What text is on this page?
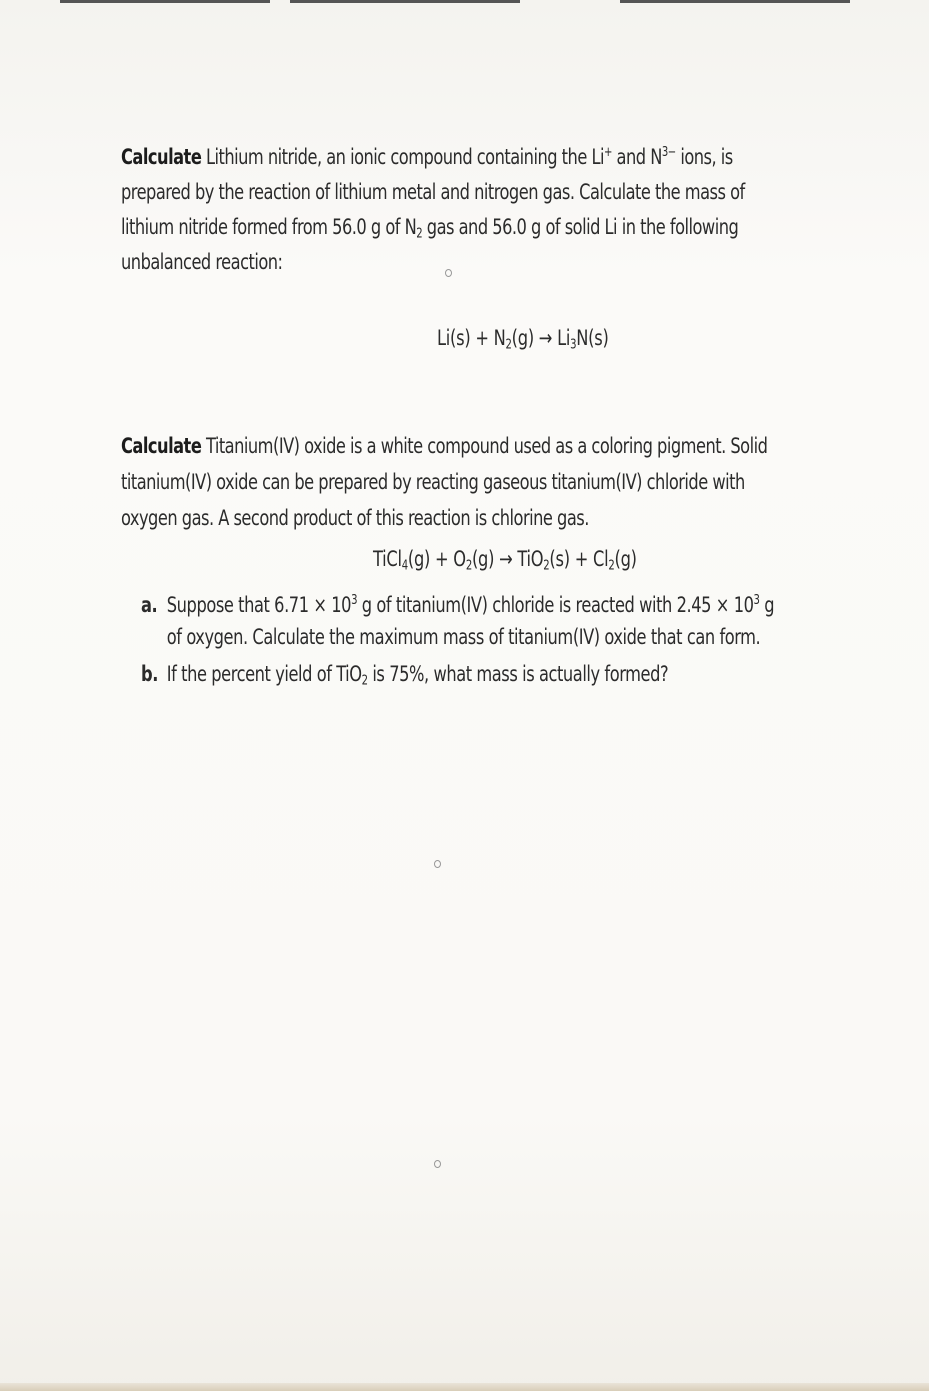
Calculate Lithium nitride, an ionic compound containing the Li+ and $N^{3-}$ ions, is
prepared by the reaction of lithium metal and nitrogen gas. Calculate the mass of
lithium nitride formed from 56.0 g of $N_2$ gas and 56.0 g of solid Li in the following
unbalanced reaction:
$Li(s) + N_2(g) \to Li_3N(s)$
Calculate Titanium(IV) oxide is a white compound used as a coloring pigment. Solid
titanium(IV) oxide can be prepared by reacting gaseous titanium(IV) chloride with
oxygen gas. A second product of this reaction is chlorine gas.
TiCl$_4$(g) + $O_2(g) \to TiO_2(s) + Cl_2(g)$
a. Suppose that $6.71 \times 10^3$ g of titanium(IV) chloride is reacted with $2.45 \times 10^3$ g
of oxygen. Calculate the maximum mass of titanium(IV) oxide that can form.
b. If the percent yield of TiO$_2$ is 75%, what mass is actually formed?
